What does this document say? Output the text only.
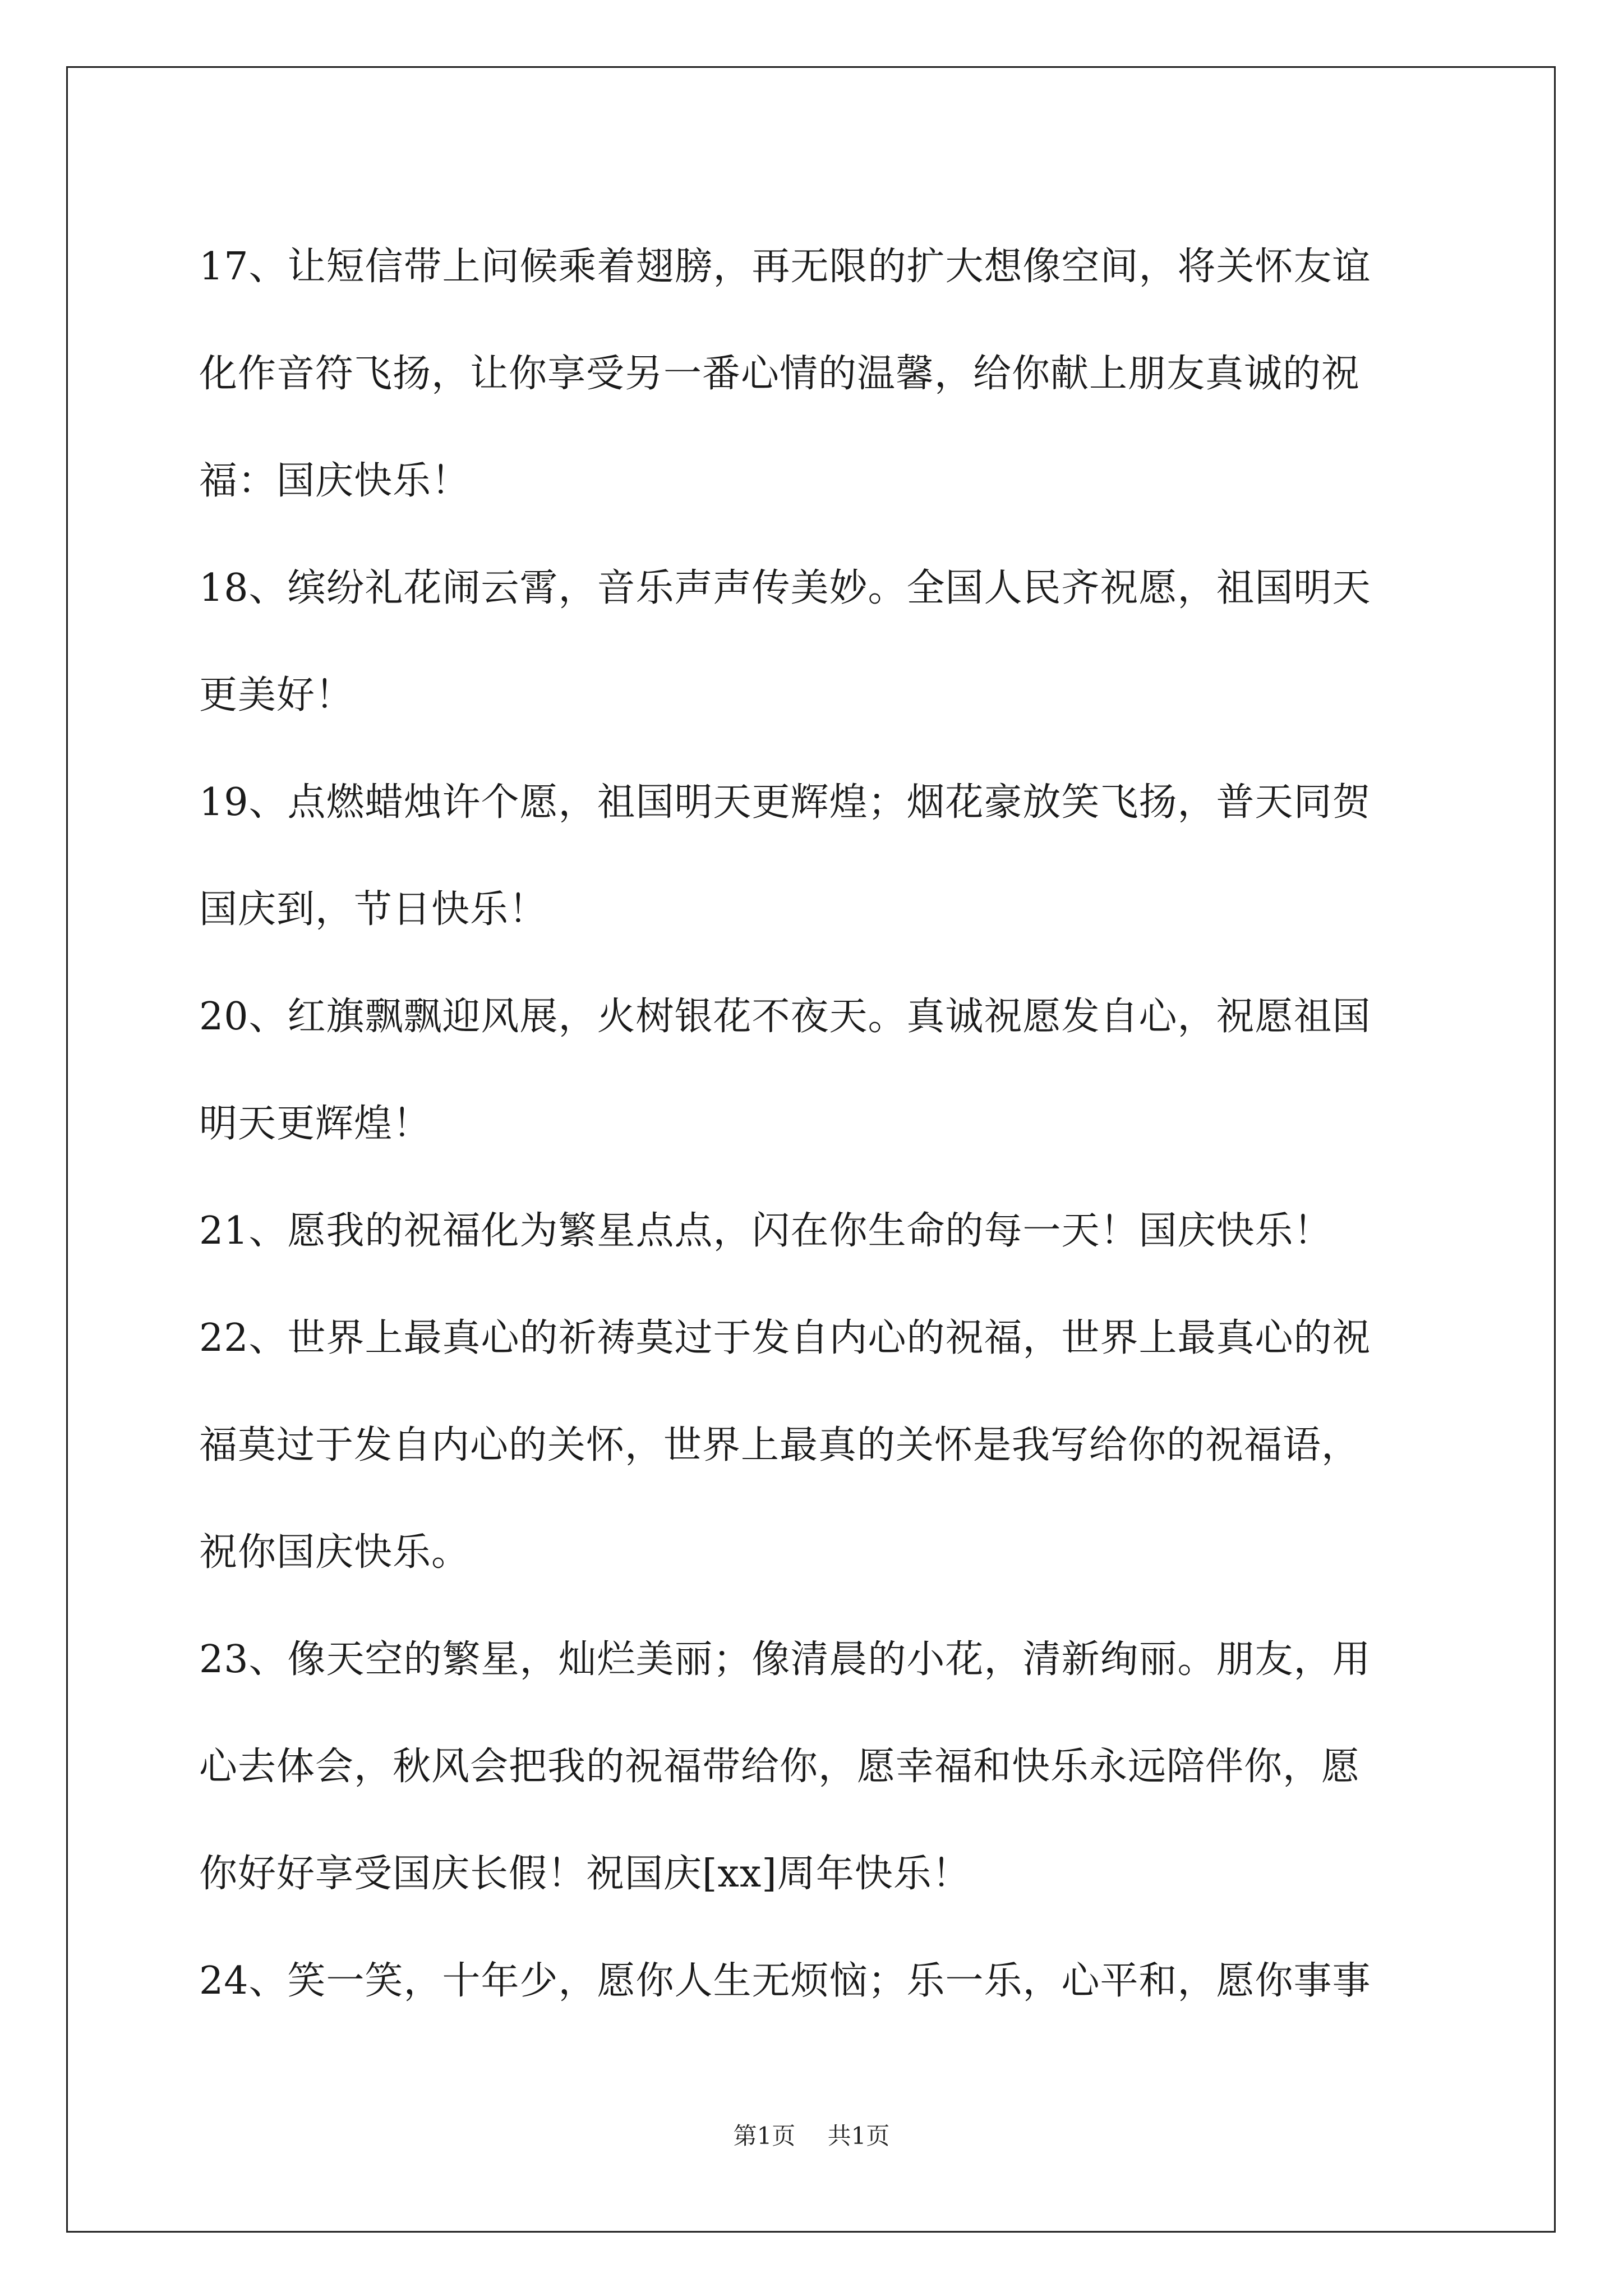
17、让短信带上问候乘着翅膀，再无限的扩大想像空间，将关怀友谊
化作音符飞扬，让你享受另一番心情的温馨，给你献上朋友真诚的祝
福：国庆快乐！
18、缤纷礼花闹云霄，音乐声声传美妙。全国人民齐祝愿，祖国明天
更美好！
19、点燃蜡烛许个愿，祖国明天更辉煌；烟花豪放笑飞扬，普天同贺
国庆到，节日快乐！
20、红旗飘飘迎风展，火树银花不夜天。真诚祝愿发自心，祝愿祖国
明天更辉煌！
21、愿我的祝福化为繁星点点，闪在你生命的每一天！国庆快乐！
22、世界上最真心的祈祷莫过于发自内心的祝福，世界上最真心的祝
福莫过于发自内心的关怀，世界上最真的关怀是我写给你的祝福语，
祝你国庆快乐。
23、像天空的繁星，灿烂美丽；像清晨的小花，清新绚丽。朋友，用
心去体会，秋风会把我的祝福带给你，愿幸福和快乐永远陪伴你，愿
你好好享受国庆长假！祝国庆[xx]周年快乐！
24、笑一笑，十年少，愿你人生无烦恼；乐一乐，心平和，愿你事事
第1页 共1页
